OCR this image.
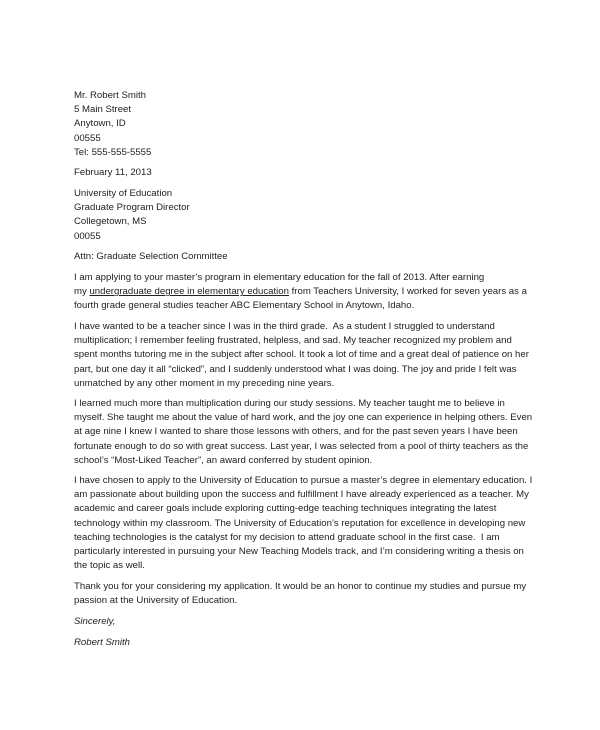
Mr. Robert Smith
5 Main Street
Anytown, ID
00555
Tel: 555-555-5555
February 11, 2013
University of Education
Graduate Program Director
Collegetown, MS
00055
Attn: Graduate Selection Committee
I am applying to your master’s program in elementary education for the fall of 2013. After earning
my undergraduate degree in elementary education from Teachers University, I worked for seven years as a
fourth grade general studies teacher ABC Elementary School in Anytown, Idaho.
I have wanted to be a teacher since I was in the third grade.  As a student I struggled to understand
multiplication; I remember feeling frustrated, helpless, and sad. My teacher recognized my problem and
spent months tutoring me in the subject after school. It took a lot of time and a great deal of patience on her
part, but one day it all “clicked”, and I suddenly understood what I was doing. The joy and pride I felt was
unmatched by any other moment in my preceding nine years.
I learned much more than multiplication during our study sessions. My teacher taught me to believe in
myself. She taught me about the value of hard work, and the joy one can experience in helping others. Even
at age nine I knew I wanted to share those lessons with others, and for the past seven years I have been
fortunate enough to do so with great success. Last year, I was selected from a pool of thirty teachers as the
school’s “Most-Liked Teacher”, an award conferred by student opinion.
I have chosen to apply to the University of Education to pursue a master’s degree in elementary education. I
am passionate about building upon the success and fulfillment I have already experienced as a teacher. My
academic and career goals include exploring cutting-edge teaching techniques integrating the latest
technology within my classroom. The University of Education’s reputation for excellence in developing new
teaching technologies is the catalyst for my decision to attend graduate school in the first case.  I am
particularly interested in pursuing your New Teaching Models track, and I’m considering writing a thesis on
the topic as well.
Thank you for your considering my application. It would be an honor to continue my studies and pursue my
passion at the University of Education.
Sincerely,
Robert Smith
